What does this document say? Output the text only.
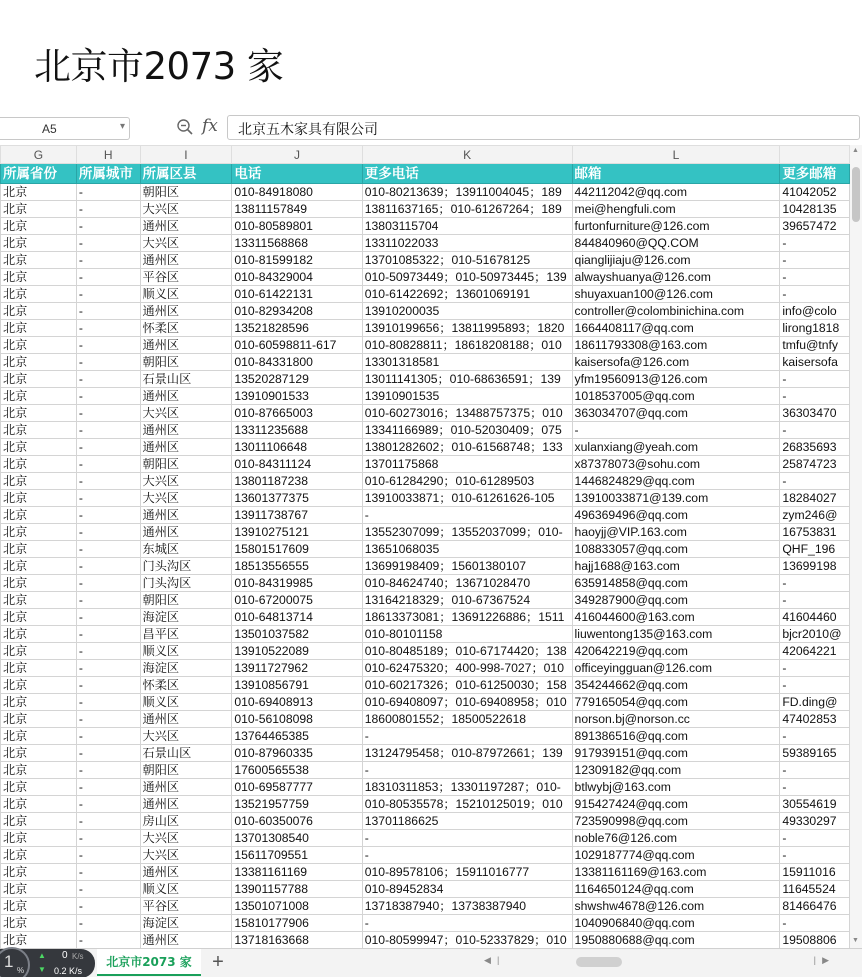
北京市2073 家
A5	▾	fx	北京五木家具有限公司
G	H	I	J	K	L	
所属省份	所属城市	所属区县	电话	更多电话	邮箱	更多邮箱
北京	-	朝阳区	010-84918080	010-80213639；13911004045；189	442112042@qq.com	41042052
北京	-	大兴区	13811157849	13811637165；010-61267264；189	mei@hengfuli.com	10428135
北京	-	通州区	010-80589801	13803115704	furtonfurniture@126.com	39657472
北京	-	大兴区	13311568868	13311022033	844840960@QQ.COM	-
北京	-	通州区	010-81599182	13701085322；010-51678125	qianglijiaju@126.com	-
北京	-	平谷区	010-84329004	010-50973449；010-50973445；139	alwayshuanya@126.com	-
北京	-	顺义区	010-61422131	010-61422692；13601069191	shuyaxuan100@126.com	-
北京	-	通州区	010-82934208	13910200035	controller@colombinichina.com	info@colo
北京	-	怀柔区	13521828596	13910199656；13811995893；1820	1664408117@qq.com	lirong1818
北京	-	通州区	010-60598811-617	010-80828811；18618208188；010	18611793308@163.com	tmfu@tnfy
北京	-	朝阳区	010-84331800	13301318581	kaisersofa@126.com	kaisersofa
北京	-	石景山区	13520287129	13011141305；010-68636591；139	yfm19560913@126.com	-
北京	-	通州区	13910901533	13910901535	1018537005@qq.com	-
北京	-	大兴区	010-87665003	010-60273016；13488757375；010	363034707@qq.com	36303470
北京	-	通州区	13311235688	13341166989；010-52030409；075	-	-
北京	-	通州区	13011106648	13801282602；010-61568748；133	xulanxiang@yeah.com	26835693
北京	-	朝阳区	010-84311124	13701175868	x87378073@sohu.com	25874723
北京	-	大兴区	13801187238	010-61284290；010-61289503	1446824829@qq.com	-
北京	-	大兴区	13601377375	13910033871；010-61261626-105	13910033871@139.com	18284027
北京	-	通州区	13911738767	-	496369496@qq.com	zym246@
北京	-	通州区	13910275121	13552307099；13552037099；010-	haoyjj@VIP.163.com	16753831
北京	-	东城区	15801517609	13651068035	108833057@qq.com	QHF_196
北京	-	门头沟区	18513556555	13699198409；15601380107	hajj1688@163.com	13699198
北京	-	门头沟区	010-84319985	010-84624740；13671028470	635914858@qq.com	-
北京	-	朝阳区	010-67200075	13164218329；010-67367524	349287900@qq.com	-
北京	-	海淀区	010-64813714	18613373081；13691226886；1511	416044600@163.com	41604460
北京	-	昌平区	13501037582	010-80101158	liuwentong135@163.com	bjcr2010@
北京	-	顺义区	13910522089	010-80485189；010-67174420；138	420642219@qq.com	42064221
北京	-	海淀区	13911727962	010-62475320；400-998-7027；010	officeyingguan@126.com	-
北京	-	怀柔区	13910856791	010-60217326；010-61250030；158	354244662@qq.com	-
北京	-	顺义区	010-69408913	010-69408097；010-69408958；010	779165054@qq.com	FD.ding@
北京	-	通州区	010-56108098	18600801552；18500522618	norson.bj@norson.cc	47402853
北京	-	大兴区	13764465385	-	891386516@qq.com	-
北京	-	石景山区	010-87960335	13124795458；010-87972661；139	917939151@qq.com	59389165
北京	-	朝阳区	17600565538	-	12309182@qq.com	-
北京	-	通州区	010-69587777	18310311853；13301197287；010-	btlwybj@163.com	-
北京	-	通州区	13521957759	010-80535578；15210125019；010	915427424@qq.com	30554619
北京	-	房山区	010-60350076	13701186625	723590998@qq.com	49330297
北京	-	大兴区	13701308540	-	noble76@126.com	-
北京	-	大兴区	15611709551	-	1029187774@qq.com	-
北京	-	通州区	13381161169	010-89578106；15911016777	13381161169@163.com	15911016
北京	-	顺义区	13901157788	010-89452834	1164650124@qq.com	11645524
北京	-	平谷区	13501071008	13718387940；13738387940	shwshw4678@126.com	81466476
北京	-	海淀区	15810177906	-	1040906840@qq.com	-
北京	-	通州区	13718163668	010-80599947；010-52337829；010	1950880688@qq.com	19508806
▲
▼
1 %
▲ 0 K/s
▼ 0.2 K/s
北京市2073 家	+	◀ |	| ▶
